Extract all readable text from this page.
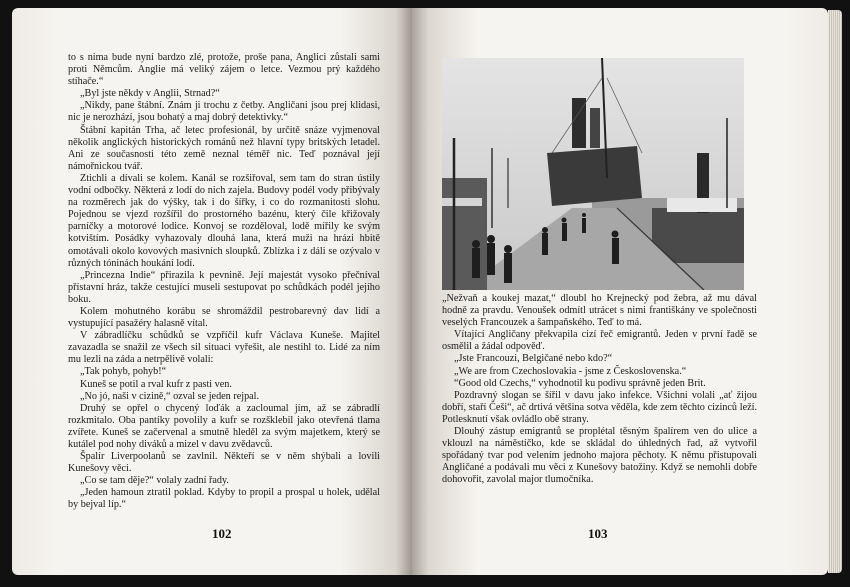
to s nima bude nyní bardzo zlé, protože, proše pana, Anglici zůstali sami proti Němcům. Anglie má veliký zájem o letce. Vezmou prý každého stíhače.“

„Byl jste někdy v Anglii, Strnad?“

„Nikdy, pane štábní. Znám ji trochu z četby. Angličani jsou prej klidasi, nic je nerozhází, jsou bohatý a maj dobrý detektivky.“

Štábní kapitán Trha, ač letec profesionál, by určitě snáze vyjmenoval několik anglických historických románů než hlavní typy britských letadel. Ani ze současnosti této země neznal téměř nic. Teď poznával její námořnickou tvář.

Ztichli a dívali se kolem. Kanál se rozšiřoval, sem tam do stran ústily vodní odbočky. Některá z lodí do nich zajela. Budovy podél vody přibývaly na rozměrech jak do výšky, tak i do šířky, i co do rozmanitosti slohu. Pojednou se vjezd rozšířil do prostorného bazénu, který čile křižovaly parníčky a motorové lodice. Konvoj se rozděloval, lodě mířily ke svým kotvištím. Posádky vyhazovaly dlouhá lana, která muži na hrázi hbitě omotávali okolo kovových masivních sloupků. Zblízka i z dáli se ozývalo v různých tóninách houkání lodí.

„Princezna Indie“ přirazila k pevnině. Její majestát vysoko přečníval přístavní hráz, takže cestující museli sestupovat po schůdkách podél jejího boku.

Kolem mohutného korábu se shromáždil pestrobarevný dav lidí a vystupující pasažéry halasně vítal.

V zábradlíčku schůdků se vzpříčil kufr Václava Kuneše. Majitel zavazadla se snažil ze všech sil situaci vyřešit, ale nestihl to. Lidé za ním mu lezli na záda a netrpělivě volali:

„Tak pohyb, pohyb!“

Kuneš se potil a rval kufr z pasti ven.

„No jó, naši v cizině,“ ozval se jeden rejpal.

Druhý se opřel o chycený loďák a zacloumal jím, až se zábradlí rozkmitalo. Oba pantíky povolily a kufr se rozšklebil jako otevřená tlama zvířete. Kuneš se začervenal a smutně hleděl za svým majetkem, který se kutálel pod nohy diváků a mizel v davu zvědavců.

Špalír Liverpoolanů se zavlnil. Někteří se v něm shýbali a lovili Kunešovy věci.

„Co se tam děje?“ volaly zadní řady.

„Jeden hamoun ztratil poklad. Kdyby to propil a prospal u holek, udělal by bejval líp.“

102

„Nežvaň a koukej mazat,“ dloubl ho Krejnecký pod žebra, až mu dával hodně za pravdu. Venoušek odmítl utrácet s nimi františkány ve společnosti veselých Francouzek a šampaňského. Teď to má.

Vítající Angličany překvapila cizí řeč emigrantů. Jeden v první řadě se osmělil a žádal odpověď.

„Jste Francouzi, Belgičané nebo kdo?“

„We are from Czechoslovakia - jsme z Československa.“

“Good old Czechs,“ vyhodnotil ku podivu správně jeden Brit.

Pozdravný slogan se šířil v davu jako infekce. Všichni volali „ať žijou dobří, staří Češi“, ač drtivá většina sotva věděla, kde zem těchto cizinců leží. Potlesknutí však ovládlo obě strany.

Dlouhý zástup emigrantů se proplétal těsným špalírem ven do ulice a vklouzl na náměstíčko, kde se skládal do úhledných řad, až vytvořil spořádaný tvar pod velením jednoho majora pěchoty. K němu přistupovali Angličané a podávali mu věci z Kunešovy batožiny. Když se nemohli dobře dohovořit, zavolal major tlumočníka.

103
